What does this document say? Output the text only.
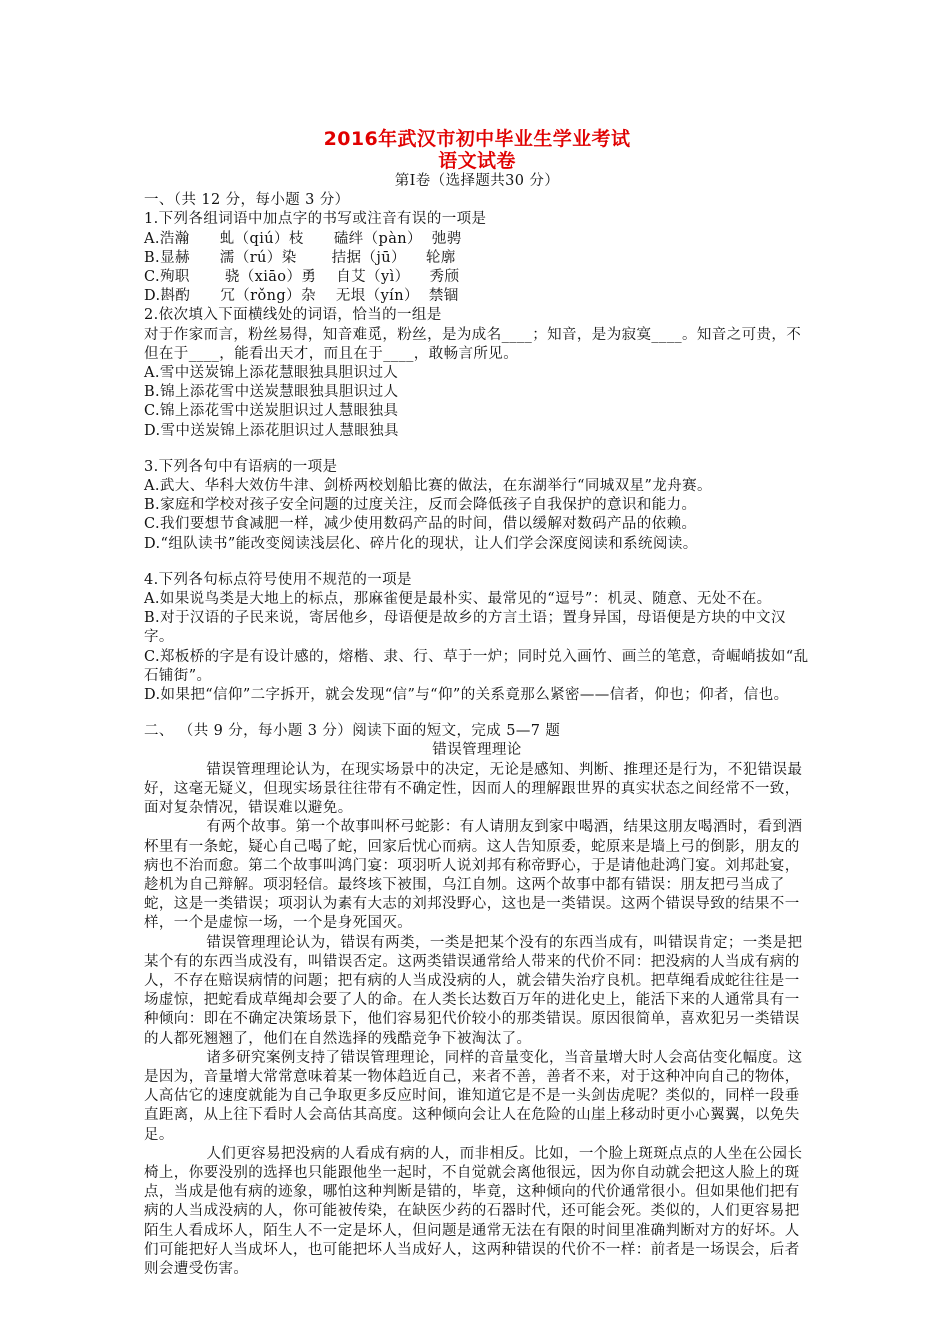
2016年武汉市初中毕业生学业考试
语文试卷
第Ⅰ卷（选择题共30 分）

一、（共 12 分，每小题 3 分）

1.下列各组词语中加点字的书写或注音有误的一项是

A.浩瀚      虬（qiú）枝      磕绊（pàn）  弛骋

B.显赫      濡（rú）染       拮据（jū）    轮廓

C.殉职       骁（xiāo）勇    自艾（yì）    秀颀

D.斟酌      冗（rǒng）杂    无垠（yín）  禁锢

2.依次填入下面横线处的词语，恰当的一组是

对于作家而言，粉丝易得，知音难觅，粉丝，是为成名____；知音，是为寂寞____。知音之可贵，不但在于____，能看出天才，而且在于____，敢畅言所见。

A.雪中送炭锦上添花慧眼独具胆识过人

B.锦上添花雪中送炭慧眼独具胆识过人

C.锦上添花雪中送炭胆识过人慧眼独具

D.雪中送炭锦上添花胆识过人慧眼独具

3.下列各句中有语病的一项是

A.武大、华科大效仿牛津、剑桥两校划船比赛的做法，在东湖举行“同城双星”龙舟赛。

B.家庭和学校对孩子安全问题的过度关注，反而会降低孩子自我保护的意识和能力。

C.我们要想节食减肥一样，减少使用数码产品的时间，借以缓解对数码产品的依赖。

D.“组队读书”能改变阅读浅层化、碎片化的现状，让人们学会深度阅读和系统阅读。

4.下列各句标点符号使用不规范的一项是

A.如果说鸟类是大地上的标点，那麻雀便是最朴实、最常见的“逗号”：机灵、随意、无处不在。

B.对于汉语的子民来说，寄居他乡，母语便是故乡的方言土语；置身异国，母语便是方块的中文汉字。

C.郑板桥的字是有设计感的，熔楷、隶、行、草于一炉；同时兑入画竹、画兰的笔意，奇崛峭拔如“乱石铺街”。

D.如果把“信仰”二字拆开，就会发现“信”与“仰”的关系竟那么紧密——信者，仰也；仰者，信也。

二、 （共 9 分，每小题 3 分）阅读下面的短文，完成 5—7 题

错误管理理论

错误管理理论认为，在现实场景中的决定，无论是感知、判断、推理还是行为，不犯错误最好，这毫无疑义，但现实场景往往带有不确定性，因而人的理解跟世界的真实状态之间经常不一致，面对复杂情况，错误难以避免。

有两个故事。第一个故事叫杯弓蛇影：有人请朋友到家中喝酒，结果这朋友喝酒时，看到酒杯里有一条蛇，疑心自己喝了蛇，回家后忧心而病。这人告知原委，蛇原来是墙上弓的倒影，朋友的病也不治而愈。第二个故事叫鸿门宴：项羽听人说刘邦有称帝野心，于是请他赴鸿门宴。刘邦赴宴，趁机为自己辩解。项羽轻信。最终垓下被围，乌江自刎。这两个故事中都有错误：朋友把弓当成了蛇，这是一类错误；项羽认为素有大志的刘邦没野心，这也是一类错误。这两个错误导致的结果不一样，一个是虚惊一场，一个是身死国灭。

错误管理理论认为，错误有两类，一类是把某个没有的东西当成有，叫错误肯定；一类是把某个有的东西当成没有，叫错误否定。这两类错误通常给人带来的代价不同：把没病的人当成有病的人，不存在赔误病情的问题；把有病的人当成没病的人，就会错失治疗良机。把草绳看成蛇往往是一场虚惊，把蛇看成草绳却会要了人的命。在人类长达数百万年的进化史上，能活下来的人通常具有一种倾向：即在不确定决策场景下，他们容易犯代价较小的那类错误。原因很简单，喜欢犯另一类错误的人都死翘翘了，他们在自然选择的残酷竞争下被淘汰了。

诸多研究案例支持了错误管理理论，同样的音量变化，当音量增大时人会高估变化幅度。这是因为，音量增大常常意味着某一物体趋近自己，来者不善，善者不来，对于这种冲向自己的物体，人高估它的速度就能为自己争取更多反应时间，谁知道它是不是一头剑齿虎呢？类似的，同样一段垂直距离，从上往下看时人会高估其高度。这种倾向会让人在危险的山崖上移动时更小心翼翼，以免失足。

人们更容易把没病的人看成有病的人，而非相反。比如，一个脸上斑斑点点的人坐在公园长椅上，你要没别的选择也只能跟他坐一起时，不自觉就会离他很远，因为你自动就会把这人脸上的斑点，当成是他有病的迹象，哪怕这种判断是错的，毕竟，这种倾向的代价通常很小。但如果他们把有病的人当成没病的人，你可能被传染，在缺医少药的石器时代，还可能会死。类似的，人们更容易把陌生人看成坏人，陌生人不一定是坏人，但问题是通常无法在有限的时间里准确判断对方的好坏。人们可能把好人当成坏人，也可能把坏人当成好人，这两种错误的代价不一样：前者是一场误会，后者则会遭受伤害。
